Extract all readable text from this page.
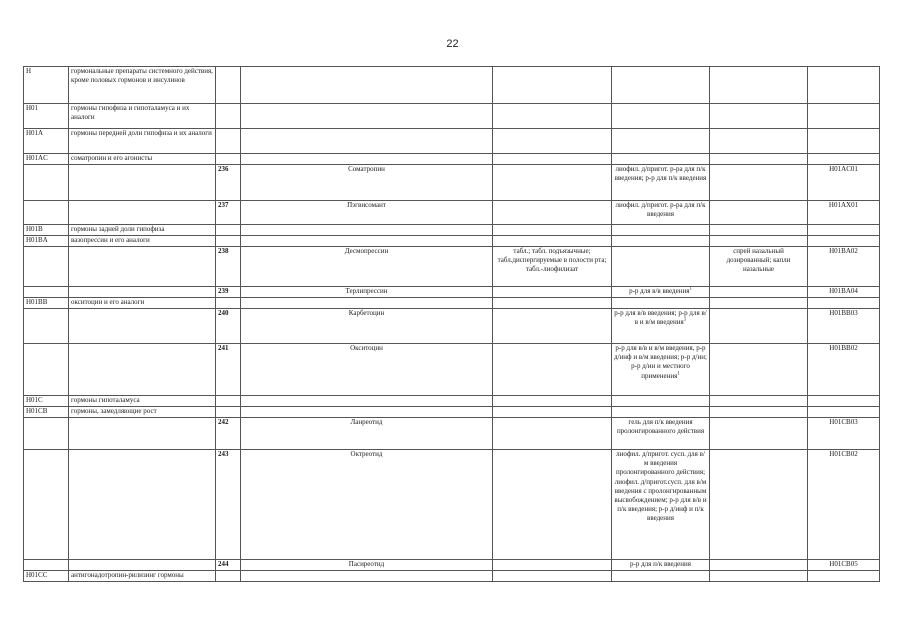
22
H	гормональные препараты системного действия, кроме половых гормонов и инсулинов						
H01	гормоны гипофиза и гипоталамуса и их аналоги						
H01A	гормоны передней доли гипофиза и их аналоги						
H01AC	соматропин и его агонисты						
		236	Соматропин		лиофил. д/пригот. р-ра для п/к введения; р-р для п/к введения		H01AC01
		237	Пэгвисомант		лиофил. д/пригот. р-ра для п/к введения		H01AX01
H01B	гормоны задней доли гипофиза						
H01BA	вазопрессин и его аналоги						
		238	Десмопрессин	табл.; табл. подъязычные; табл.диспергируемые в полости рта; табл.-лиофилизат		спрей назальный дозированный; капли назальные	H01BA02
		239	Терлипрессин		р-р для в/в введения$^1$		H01BA04
H01BB	окситоцин и его аналоги						
		240	Карбетоцин		р-р для в/в введения; р-р для в/в и в/м введения$^1$		H01BB03
		241	Окситоцин		р-р для в/в и в/м введения, р-р д/инф и в/м введения; р-р д/ин; р-р д/ин и местного применения$^1$		H01BB02
H01C	гормоны гипоталамуса						
H01CB	гормоны, замедляющие рост						
		242	Ланреотид		гель для п/к введения пролонгированного действия		H01CB03
		243	Октреотид		лиофил. д/пригот. сусп. для в/м введения пролонгированного действия; лиофил. д/пригот.сусп. для в/м введения с пролонгированным высвобождением; р-р для в/в и п/к введения; р-р д/инф и п/к введения		H01CB02
		244	Пасиреотид		р-р для п/к введения		H01CB05
H01CC	антигонадотропин-рилизинг гормоны						
